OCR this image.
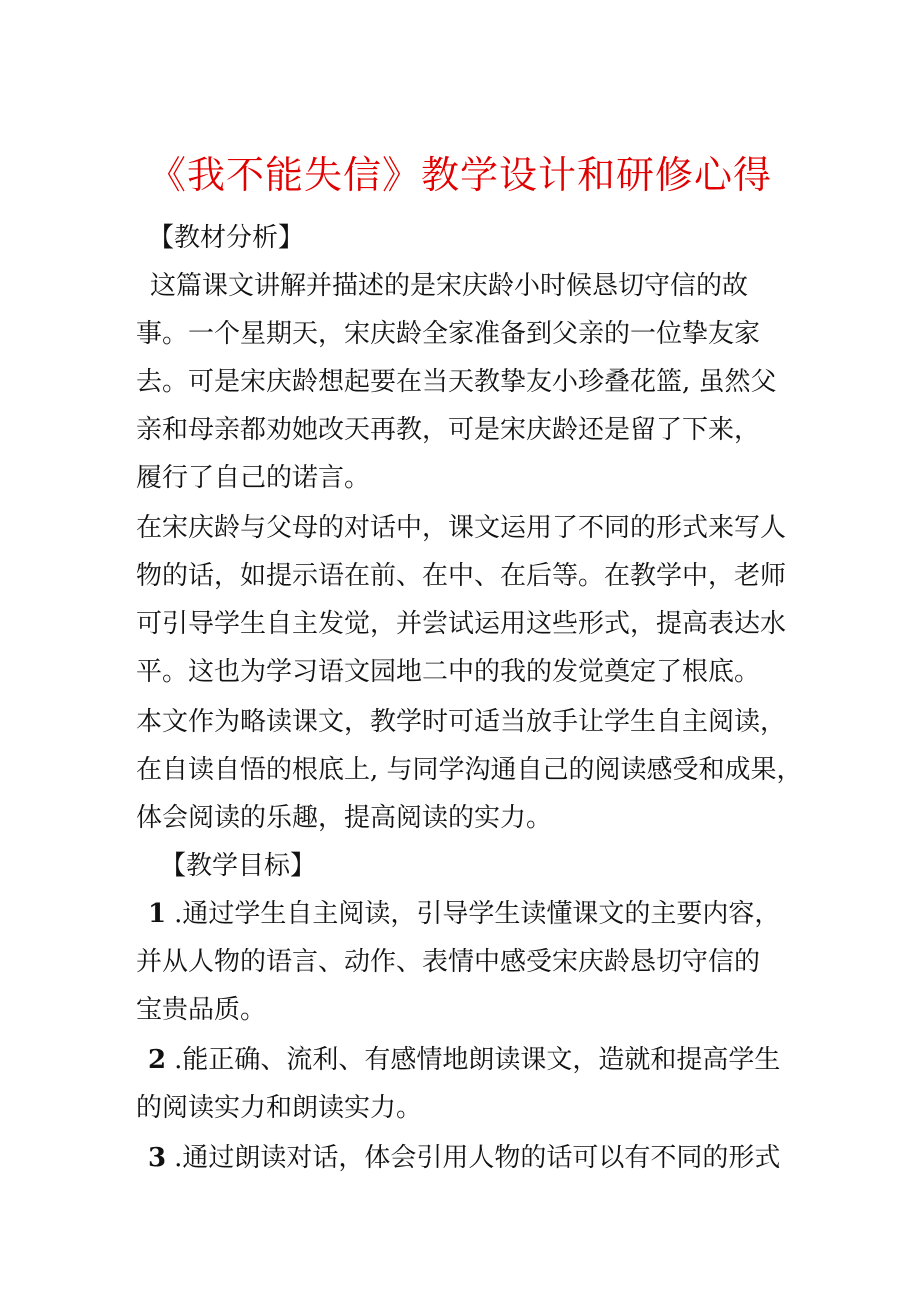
《我不能失信》教学设计和研修心得
【教材分析】
这篇课文讲解并描述的是宋庆龄小时候恳切守信的故
事。一个星期天，宋庆龄全家准备到父亲的一位挚友家
去。可是宋庆龄想起要在当天教挚友小珍叠花篮, 虽然父
亲和母亲都劝她改天再教，可是宋庆龄还是留了下来，
履行了自己的诺言。
在宋庆龄与父母的对话中，课文运用了不同的形式来写人
物的话，如提示语在前、在中、在后等。在教学中，老师
可引导学生自主发觉，并尝试运用这些形式，提高表达水
平。这也为学习语文园地二中的我的发觉奠定了根底。
本文作为略读课文，教学时可适当放手让学生自主阅读，
在自读自悟的根底上, 与同学沟通自己的阅读感受和成果，
体会阅读的乐趣，提高阅读的实力。
【教学目标】
1 .通过学生自主阅读，引导学生读懂课文的主要内容，
并从人物的语言、动作、表情中感受宋庆龄恳切守信的
宝贵品质。
2 .能正确、流利、有感情地朗读课文，造就和提高学生
的阅读实力和朗读实力。
3 .通过朗读对话，体会引用人物的话可以有不同的形式
